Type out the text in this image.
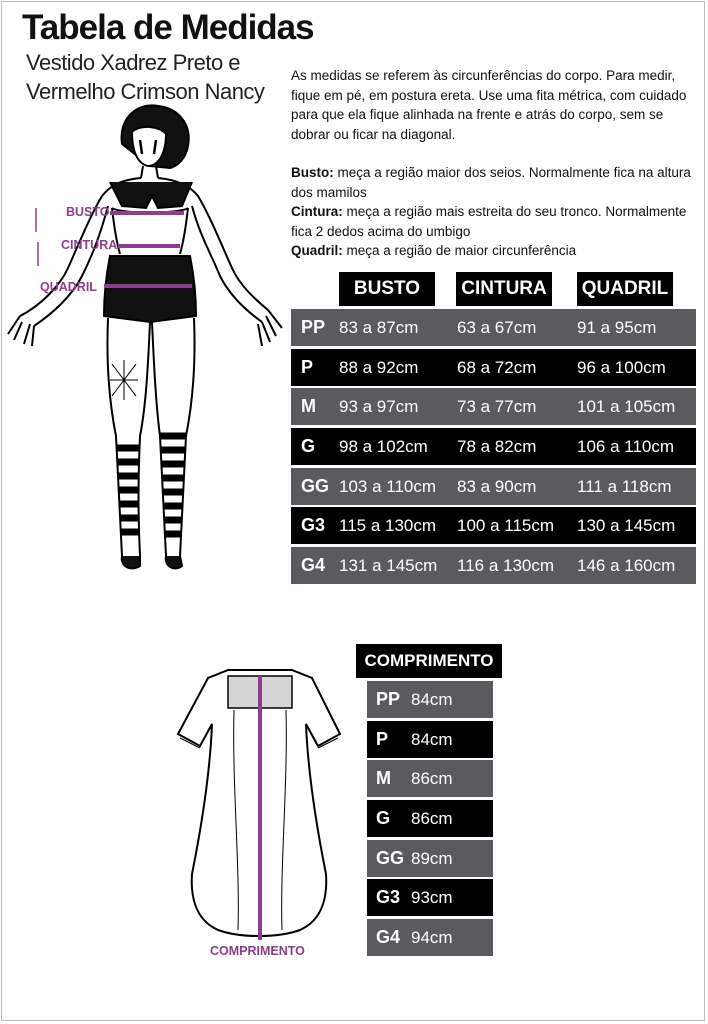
Tabela de Medidas
Vestido Xadrez Preto e Vermelho Crimson Nancy

As medidas se referem às circunferências do corpo. Para medir, fique em pé, em postura ereta. Use uma fita métrica, com cuidado para que ela fique alinhada na frente e atrás do corpo, sem se dobrar ou ficar na diagonal.

Busto: meça a região maior dos seios. Normalmente fica na altura dos mamilos

Cintura: meça a região mais estreita do seu tronco. Normalmente fica 2 dedos acima do umbigo

Quadril: meça a região de maior circunferência

BUSTO
CINTURA
QUADRIL	BUSTO	CINTURA QUADRIL
PP 83 a 87cm 63 a 67cm 91 a 95cm
P 88 a 92cm 68 a 72cm 96 a 100cm
M 93 a 97cm 73 a 77cm 101 a 105cm
G 98 a 102cm 78 a 82cm 106 a 110cm
GG 103 a 110cm 83 a 90cm 111 a 118cm
G3 115 a 130cm 100 a 115cm 130 a 145cm
G4 131 a 145cm 116 a 130cm 146 a 160cm
COMPRIMENTO
COMPRIMENTO
PP 84cm
P 84cm
M 86cm
G 86cm
GG 89cm
G3 93cm
G4 94cm
